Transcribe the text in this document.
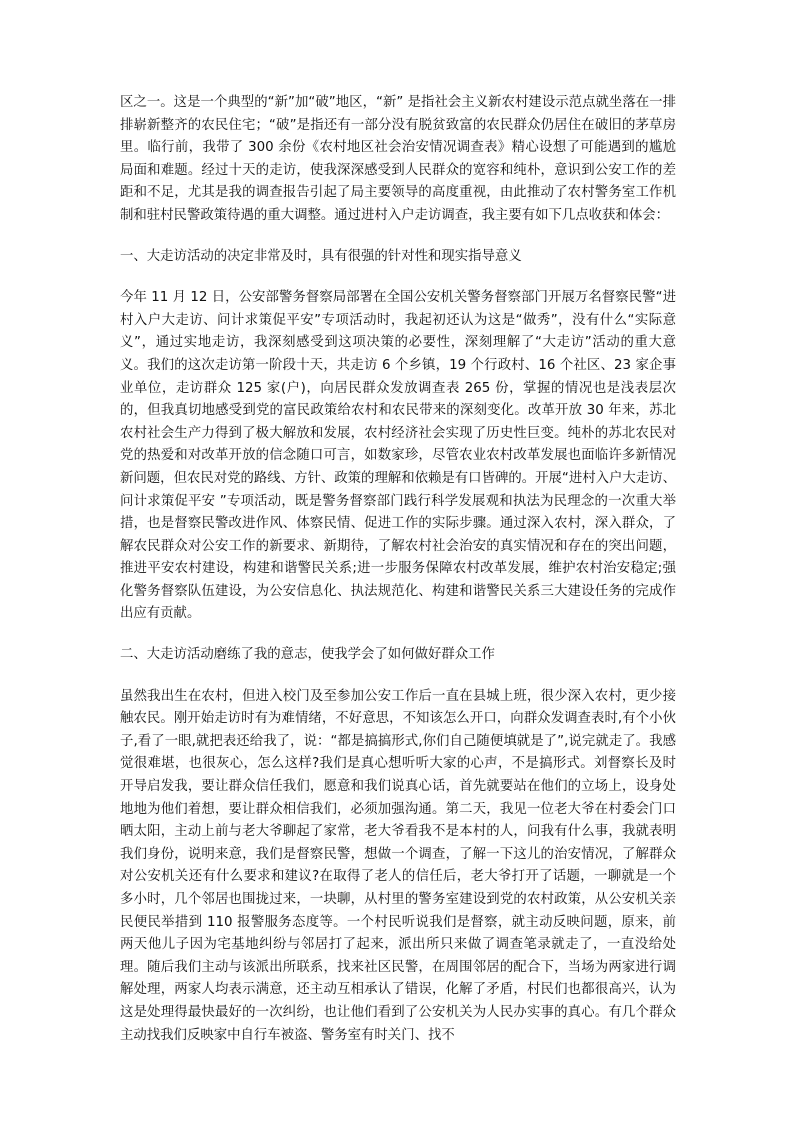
区之一。这是一个典型的“新”加“破”地区，“新” 是指社会主义新农村建设示范点就坐落在一排排崭新整齐的农民住宅；“破”是指还有一部分没有脱贫致富的农民群众仍居住在破旧的茅草房里。临行前，我带了 300 余份《农村地区社会治安情况调查表》精心设想了可能遇到的尴尬局面和难题。经过十天的走访，使我深深感受到人民群众的宽容和纯朴，意识到公安工作的差距和不足，尤其是我的调查报告引起了局主要领导的高度重视，由此推动了农村警务室工作机制和驻村民警政策待遇的重大调整。通过进村入户走访调查，我主要有如下几点收获和体会：

一、大走访活动的决定非常及时，具有很强的针对性和现实指导意义

今年 11 月 12 日，公安部警务督察局部署在全国公安机关警务督察部门开展万名督察民警“进村入户大走访、问计求策促平安”专项活动时，我起初还认为这是“做秀”，没有什么“实际意义”，通过实地走访，我深刻感受到这项决策的必要性，深刻理解了“大走访”活动的重大意义。我们的这次走访第一阶段十天，共走访 6 个乡镇，19 个行政村、16 个社区、23 家企事业单位，走访群众 125 家(户)，向居民群众发放调查表 265 份，掌握的情况也是浅表层次的，但我真切地感受到党的富民政策给农村和农民带来的深刻变化。改革开放 30 年来，苏北农村社会生产力得到了极大解放和发展，农村经济社会实现了历史性巨变。纯朴的苏北农民对党的热爱和对改革开放的信念随口可言，如数家珍，尽管农业农村改革发展也面临许多新情况新问题，但农民对党的路线、方针、政策的理解和依赖是有口皆碑的。开展“进村入户大走访、问计求策促平安 ”专项活动，既是警务督察部门践行科学发展观和执法为民理念的一次重大举措，也是督察民警改进作风、体察民情、促进工作的实际步骤。通过深入农村，深入群众，了解农民群众对公安工作的新要求、新期待，了解农村社会治安的真实情况和存在的突出问题，推进平安农村建设，构建和谐警民关系;进一步服务保障农村改革发展，维护农村治安稳定;强化警务督察队伍建设，为公安信息化、执法规范化、构建和谐警民关系三大建设任务的完成作出应有贡献。

二、大走访活动磨练了我的意志，使我学会了如何做好群众工作

虽然我出生在农村，但进入校门及至参加公安工作后一直在县城上班，很少深入农村，更少接触农民。刚开始走访时有为难情绪，不好意思，不知该怎么开口，向群众发调查表时,有个小伙子,看了一眼,就把表还给我了，说：“都是搞搞形式,你们自己随便填就是了”,说完就走了。我感觉很难堪，也很灰心，怎么这样?我们是真心想听听大家的心声，不是搞形式。刘督察长及时开导启发我，要让群众信任我们，愿意和我们说真心话，首先就要站在他们的立场上，设身处地地为他们着想，要让群众相信我们，必须加强沟通。第二天，我见一位老大爷在村委会门口晒太阳，主动上前与老大爷聊起了家常，老大爷看我不是本村的人，问我有什么事，我就表明我们身份，说明来意，我们是督察民警，想做一个调查，了解一下这儿的治安情况，了解群众对公安机关还有什么要求和建议?在取得了老人的信任后，老大爷打开了话题，一聊就是一个多小时，几个邻居也围拢过来，一块聊，从村里的警务室建设到党的农村政策，从公安机关亲民便民举措到 110 报警服务态度等。一个村民听说我们是督察，就主动反映问题，原来，前两天他儿子因为宅基地纠纷与邻居打了起来，派出所只来做了调查笔录就走了，一直没给处理。随后我们主动与该派出所联系，找来社区民警，在周围邻居的配合下，当场为两家进行调解处理，两家人均表示满意，还主动互相承认了错误，化解了矛盾，村民们也都很高兴，认为这是处理得最快最好的一次纠纷，也让他们看到了公安机关为人民办实事的真心。有几个群众主动找我们反映家中自行车被盗、警务室有时关门、找不
